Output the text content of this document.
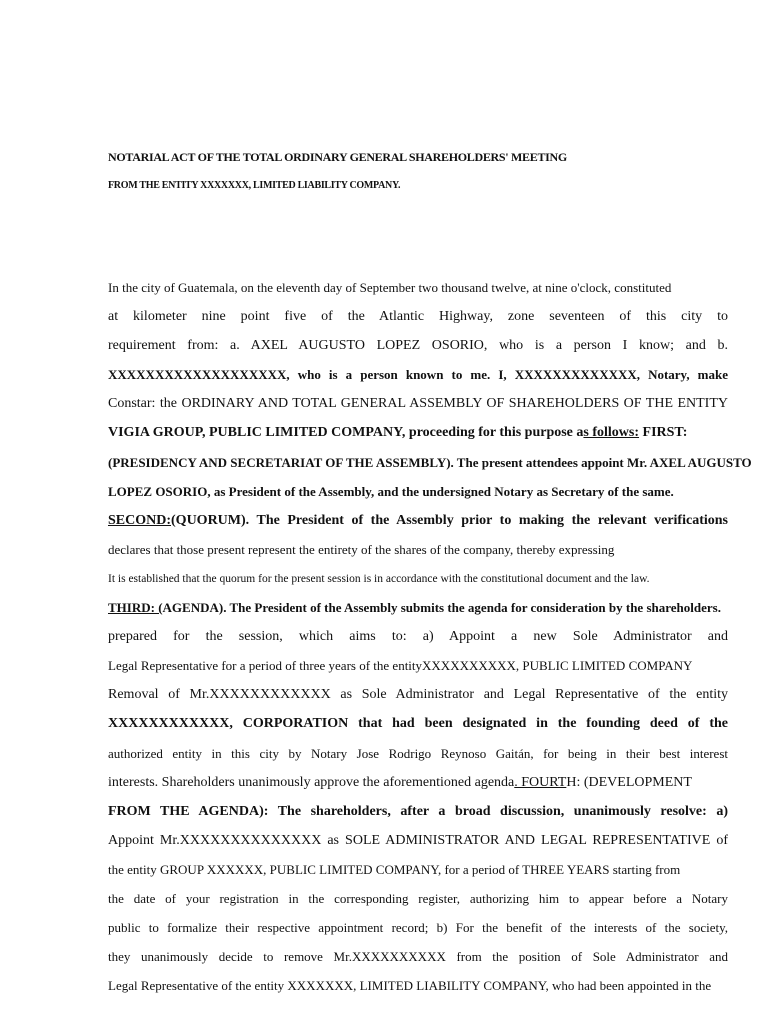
NOTARIAL ACT OF THE TOTAL ORDINARY GENERAL SHAREHOLDERS' MEETING
FROM THE ENTITY XXXXXXX, LIMITED LIABILITY COMPANY.
In the city of Guatemala, on the eleventh day of September two thousand twelve, at nine o'clock, constituted
at kilometer nine point five of the Atlantic Highway, zone seventeen of this city to
requirement from: a. AXEL AUGUSTO LOPEZ OSORIO, who is a person I know; and b.
XXXXXXXXXXXXXXXXXXX, who is a person known to me. I, XXXXXXXXXXXXX, Notary, make
Constar: the ORDINARY AND TOTAL GENERAL ASSEMBLY OF SHAREHOLDERS OF THE ENTITY
VIGIA GROUP, PUBLIC LIMITED COMPANY, proceeding for this purpose as follows: FIRST:
(PRESIDENCY AND SECRETARIAT OF THE ASSEMBLY). The present attendees appoint Mr. AXEL AUGUSTO
LOPEZ OSORIO, as President of the Assembly, and the undersigned Notary as Secretary of the same.
SECOND:(QUORUM). The President of the Assembly prior to making the relevant verifications
declares that those present represent the entirety of the shares of the company, thereby expressing
It is established that the quorum for the present session is in accordance with the constitutional document and the law.
THIRD: (AGENDA). The President of the Assembly submits the agenda for consideration by the shareholders.
prepared for the session, which aims to: a) Appoint a new Sole Administrator and
Legal Representative for a period of three years of the entityXXXXXXXXXX, PUBLIC LIMITED COMPANY
Removal of Mr.XXXXXXXXXXXX as Sole Administrator and Legal Representative of the entity
XXXXXXXXXXXX, CORPORATION that had been designated in the founding deed of the
authorized entity in this city by Notary Jose Rodrigo Reynoso Gaitán, for being in their best interest
interests. Shareholders unanimously approve the aforementioned agenda. FOURTH: (DEVELOPMENT
FROM THE AGENDA): The shareholders, after a broad discussion, unanimously resolve: a)
Appoint Mr.XXXXXXXXXXXXXX as SOLE ADMINISTRATOR AND LEGAL REPRESENTATIVE of
the entity GROUP XXXXXX, PUBLIC LIMITED COMPANY, for a period of THREE YEARS starting from
the date of your registration in the corresponding register, authorizing him to appear before a Notary
public to formalize their respective appointment record; b) For the benefit of the interests of the society,
they unanimously decide to remove Mr.XXXXXXXXXX from the position of Sole Administrator and
Legal Representative of the entity XXXXXXX, LIMITED LIABILITY COMPANY, who had been appointed in the
